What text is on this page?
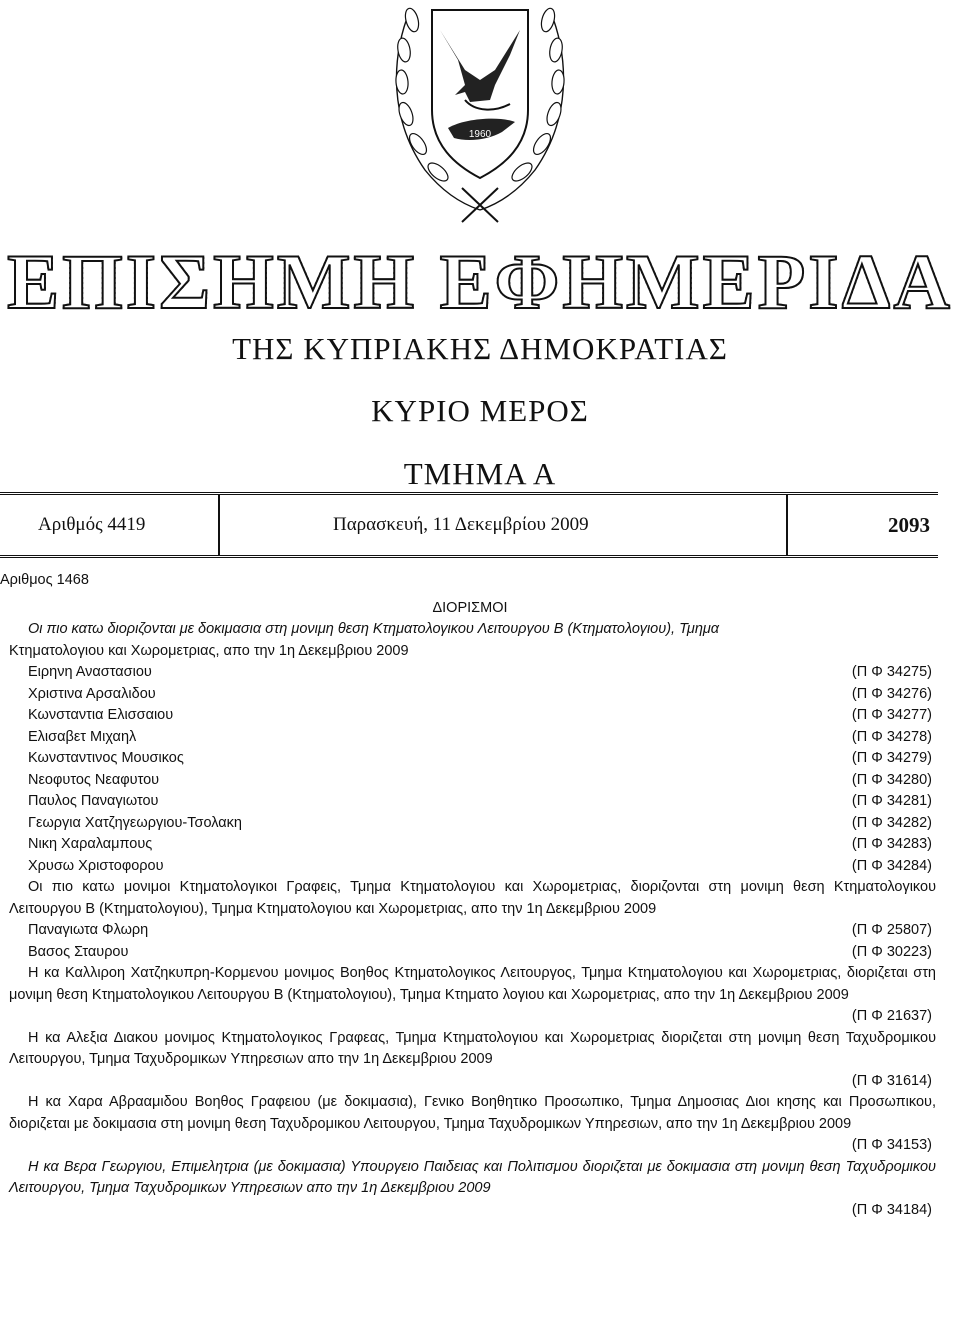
1960
ΕΠΙΣΗΜΗ ΕΦΗΜΕΡΙΔΑ
ΤΗΣ ΚΥΠΡΙΑΚΗΣ ΔΗΜΟΚΡΑΤΙΑΣ
ΚΥΡΙΟ ΜΕΡΟΣ
ΤΜΗΜΑ Α
Αριθμός 4419	Παρασκευή, 11 Δεκεμβρίου 2009	2093
Αριθμος 1468
ΔΙΟΡΙΣΜΟΙ
Οι πιο κατω διοριζονται με δοκιμασια στη μονιμη θεση Κτηματολογικου Λειτουργου Β (Κτηματολογιου), Τμημα
Κτηματολογιου και Χωρομετριας, απο την 1η Δεκεμβριου 2009
Ειρηνη Αναστασιου	(Π Φ 34275)
Χριστινα Αρσαλιδου	(Π Φ 34276)
Κωνσταντια Ελισσαιου	(Π Φ 34277)
Ελισαβετ Μιχαηλ	(Π Φ 34278)
Κωνσταντινος Μουσικος	(Π Φ 34279)
Νεοφυτος Νεαφυτου	(Π Φ 34280)
Παυλος Παναγιωτου	(Π Φ 34281)
Γεωργια Χατζηγεωργιου-Τσολακη	(Π Φ 34282)
Νικη Χαραλαμπους	(Π Φ 34283)
Χρυσω Χριστοφορου	(Π Φ 34284)
Οι πιο κατω μονιμοι Κτηματολογικοι Γραφεις, Τμημα Κτηματολογιου και Χωρομετριας, διοριζονται στη μονιμη θεση Κτηματολογικου Λειτουργου Β (Κτηματολογιου), Τμημα Κτηματολογιου και Χωρομετριας, απο την 1η Δεκεμβριου 2009
Παναγιωτα Φλωρη	(Π Φ 25807)
Βασος Σταυρου	(Π Φ 30223)
Η κα Καλλιροη Χατζηκυπρη-Κορμενου μονιμος Βοηθος Κτηματολογικος Λειτουργος, Τμημα Κτηματολογιου και Χωρομετριας, διοριζεται στη μονιμη θεση Κτηματολογικου Λειτουργου Β (Κτηματολογιου), Τμημα Κτηματο λογιου και Χωρομετριας, απο την 1η Δεκεμβριου 2009
(Π Φ 21637)
Η κα Αλεξια Διακου μονιμος Κτηματολογικος Γραφεας, Τμημα Κτηματολογιου και Χωρομετριας διοριζεται στη μονιμη θεση Ταχυδρομικου Λειτουργου, Τμημα Ταχυδρομικων Υπηρεσιων απο την 1η Δεκεμβριου 2009
(Π Φ 31614)
Η κα Χαρα Αβρααμιδου Βοηθος Γραφειου (με δοκιμασια), Γενικο Βοηθητικο Προσωπικο, Τμημα Δημοσιας Διοι κησης και Προσωπικου, διοριζεται με δοκιμασια στη μονιμη θεση Ταχυδρομικου Λειτουργου, Τμημα Ταχυδρομικων Υπηρεσιων, απο την 1η Δεκεμβριου 2009
(Π Φ 34153)
Η κα Βερα Γεωργιου, Επιμελητρια (με δοκιμασια) Υπουργειο Παιδειας και Πολιτισμου διοριζεται με δοκιμασια στη μονιμη θεση Ταχυδρομικου Λειτουργου, Τμημα Ταχυδρομικων Υπηρεσιων απο την 1η Δεκεμβριου 2009
(Π Φ 34184)
